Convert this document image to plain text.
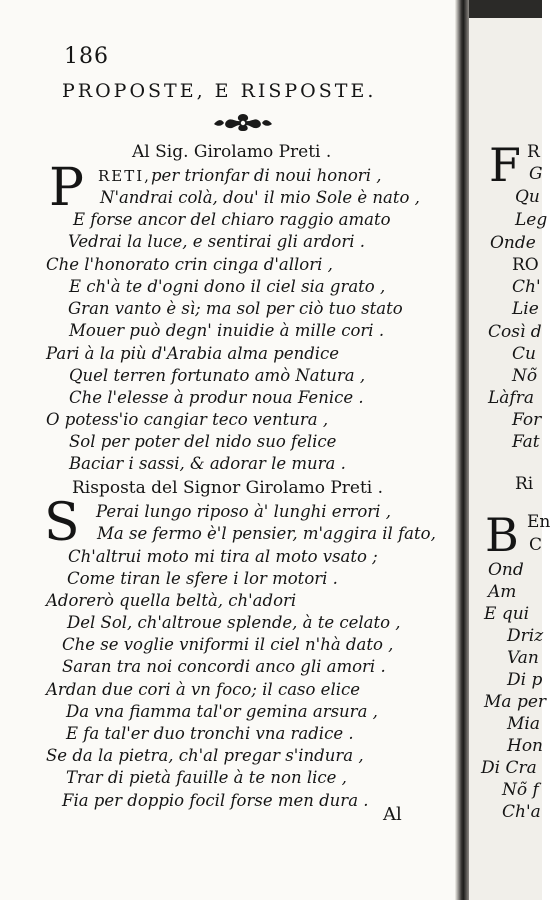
186
PROPOSTE, E RISPOSTE.
Al Sig. Girolamo Preti .
P RETI, per trionfar di noui honori ,
N'andrai colà, dou' il mio Sole è nato ,
E forse ancor del chiaro raggio amato
Vedrai la luce, e sentirai gli ardori .
Che l'honorato crin cinga d'allori ,
E ch'à te d'ogni dono il ciel sia grato ,
Gran vanto è sì; ma sol per ciò tuo stato
Mouer può degn' inuidie à mille cori .
Pari à la più d'Arabia alma pendice
Quel terren fortunato amò Natura ,
Che l'elesse à produr noua Fenice .
O potess'io cangiar teco ventura ,
Sol per poter del nido suo felice
Baciar i sassi, & adorar le mura .
Risposta del Signor Girolamo Preti .
S Perai lungo riposo à' lunghi errori ,
Ma se fermo è'l pensier, m'aggira il fato,
Ch'altrui moto mi tira al moto vsato ;
Come tiran le sfere i lor motori .
Adorerò quella beltà, ch'adori
Del Sol, ch'altroue splende, à te celato ,
Che se voglie vniformi il ciel n'hà dato ,
Saran tra noi concordi anco gli amori .
Ardan due cori à vn foco; il caso elice
Da vna fiamma tal'or gemina arsura ,
E fa tal'er duo tronchi vna radice .
Se da la pietra, ch'al pregar s'indura ,
Trar di pietà fauille à te non lice ,
Fia per doppio focil forse men dura .
Al
F R
G
Qu
Leg
Onde
RO
Ch'
Lie
Così d
Cu
Nõ
Làfra
For
Fat
Ri
B En
C
Ond
Am
E qui
Driz
Van
Di p
Ma per
Mia
Hon
Di Cra
Nõ f
Ch'a
